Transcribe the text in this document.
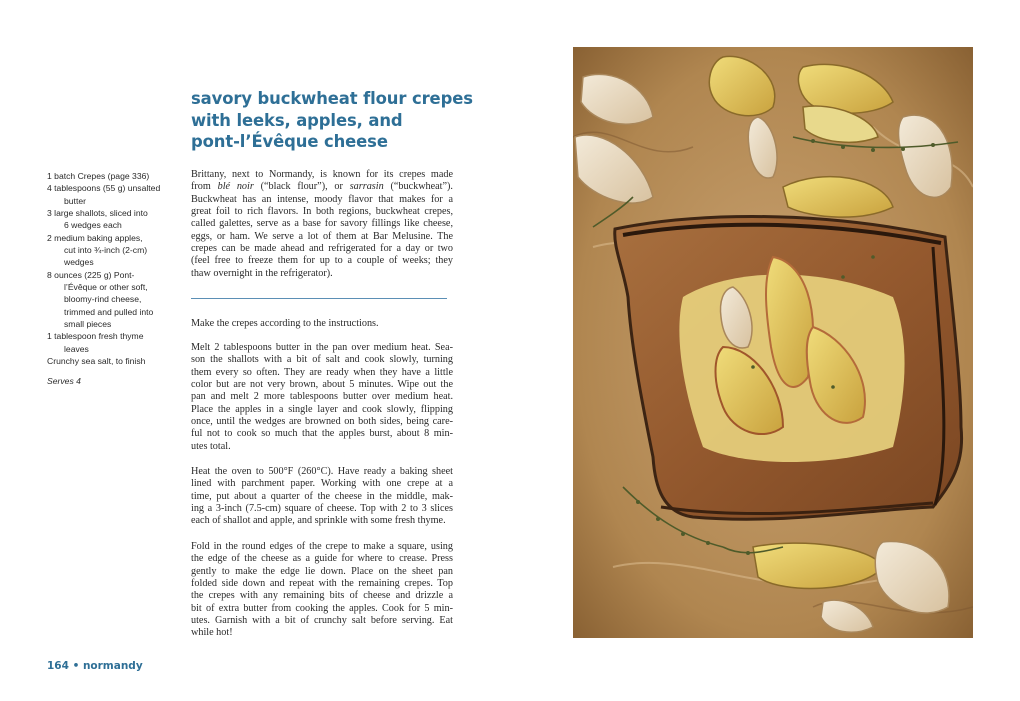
savory buckwheat flour crepes
with leeks, apples, and
pont-l’Évêque cheese
1 batch Crepes (page 336)
4 tablespoons (55 g) unsalted
butter
3 large shallots, sliced into
6 wedges each
2 medium baking apples,
cut into ¾-inch (2-cm)
wedges
8 ounces (225 g) Pont-
l’Évêque or other soft,
bloomy-rind cheese,
trimmed and pulled into
small pieces
1 tablespoon fresh thyme
leaves
Crunchy sea salt, to finish
Serves 4
Brittany, next to Normandy, is known for its crepes made
from blé noir (“black flour”), or sarrasin (“buckwheat”).
Buckwheat has an intense, moody flavor that makes for a
great foil to rich flavors. In both regions, buckwheat crepes,
called galettes, serve as a base for savory fillings like cheese,
eggs, or ham. We serve a lot of them at Bar Melusine. The
crepes can be made ahead and refrigerated for a day or two
(feel free to freeze them for up to a couple of weeks; they
thaw overnight in the refrigerator).
Make the crepes according to the instructions.
Melt 2 tablespoons butter in the pan over medium heat. Sea-
son the shallots with a bit of salt and cook slowly, turning
them every so often. They are ready when they have a little
color but are not very brown, about 5 minutes. Wipe out the
pan and melt 2 more tablespoons butter over medium heat.
Place the apples in a single layer and cook slowly, flipping
once, until the wedges are browned on both sides, being care-
ful not to cook so much that the apples burst, about 8 min-
utes total.
Heat the oven to 500°F (260°C). Have ready a baking sheet
lined with parchment paper. Working with one crepe at a
time, put about a quarter of the cheese in the middle, mak-
ing a 3-inch (7.5-cm) square of cheese. Top with 2 to 3 slices
each of shallot and apple, and sprinkle with some fresh thyme.
Fold in the round edges of the crepe to make a square, using
the edge of the cheese as a guide for where to crease. Press
gently to make the edge lie down. Place on the sheet pan
folded side down and repeat with the remaining crepes. Top
the crepes with any remaining bits of cheese and drizzle a
bit of extra butter from cooking the apples. Cook for 5 min-
utes. Garnish with a bit of crunchy salt before serving. Eat
while hot!
164 • normandy
